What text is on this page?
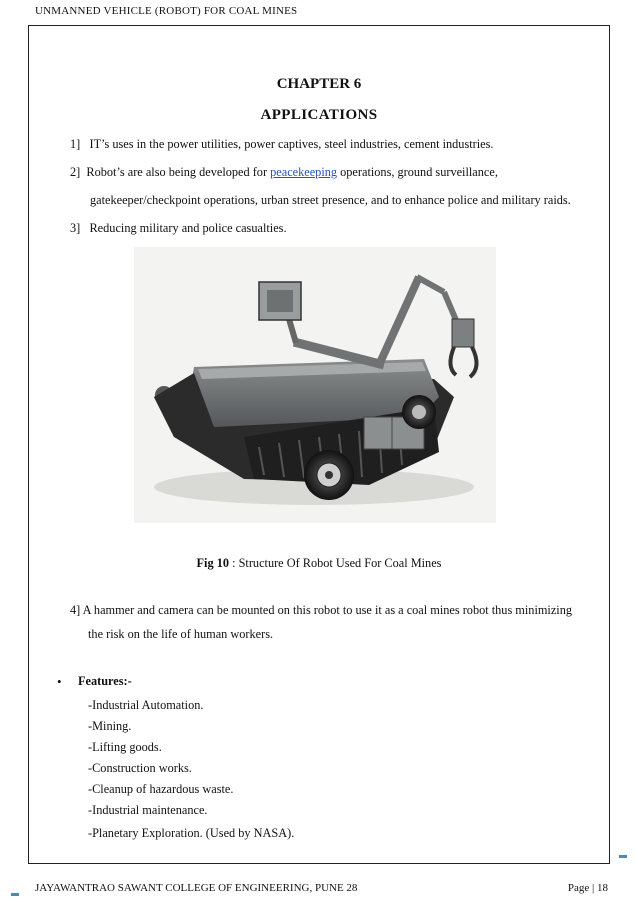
UNMANNED VEHICLE (ROBOT) FOR COAL MINES
CHAPTER 6
APPLICATIONS
1] IT’s uses in the power utilities, power captives, steel industries, cement industries.
2] Robot’s are also being developed for peacekeeping operations, ground surveillance,
gatekeeper/checkpoint operations, urban street presence, and to enhance police and military raids.
3] Reducing military and police casualties.
Fig 10 : Structure Of Robot Used For Coal Mines
4] A hammer and camera can be mounted on this robot to use it as a coal mines robot thus minimizing
the risk on the life of human workers.
• Features:-
-Industrial Automation.
-Mining.
-Lifting goods.
-Construction works.
-Cleanup of hazardous waste.
-Industrial maintenance.
-Planetary Exploration. (Used by NASA).
JAYAWANTRAO SAWANT COLLEGE OF ENGINEERING, PUNE 28	Page | 18
